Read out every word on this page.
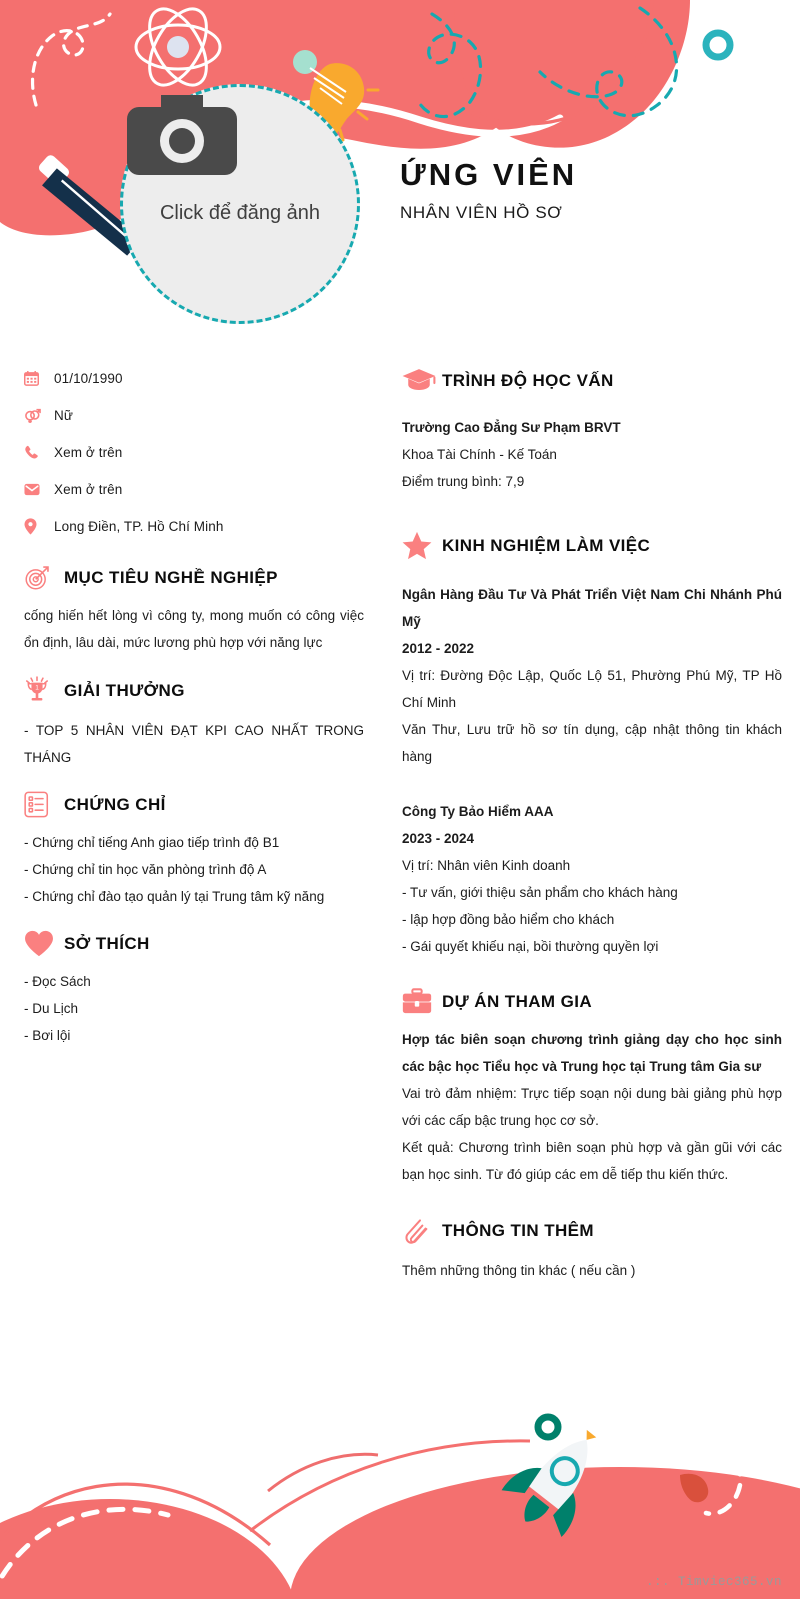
Click để đăng ảnh
ỨNG VIÊN
NHÂN VIÊN HỒ SƠ
01/10/1990
Nữ
Xem ở trên
Xem ở trên
Long Điền, TP. Hồ Chí Minh
MỤC TIÊU NGHỀ NGHIỆP
cống hiến hết lòng vì công ty, mong muốn có công việc ổn định, lâu dài, mức lương phù hợp với năng lực
1 GIẢI THƯỞNG
- TOP 5 NHÂN VIÊN ĐẠT KPI CAO NHẤT TRONG THÁNG
CHỨNG CHỈ
- Chứng chỉ tiếng Anh giao tiếp trình độ B1
- Chứng chỉ tin học văn phòng trình độ A
- Chứng chỉ đào tạo quản lý tại Trung tâm kỹ năng
SỞ THÍCH
- Đọc Sách
- Du Lịch
- Bơi lội
TRÌNH ĐỘ HỌC VẤN
Trường Cao Đẳng Sư Phạm BRVT
Khoa Tài Chính - Kế Toán
Điểm trung bình: 7,9
KINH NGHIỆM LÀM VIỆC
Ngân Hàng Đầu Tư Và Phát Triển Việt Nam Chi Nhánh Phú Mỹ
2012 - 2022
Vị trí: Đường Độc Lập, Quốc Lộ 51, Phường Phú Mỹ, TP Hồ Chí Minh
Văn Thư, Lưu trữ hồ sơ tín dụng, cập nhật thông tin khách hàng
Công Ty Bảo Hiểm AAA
2023 - 2024
Vị trí: Nhân viên Kinh doanh
- Tư vấn, giới thiệu sản phẩm cho khách hàng
- lập hợp đồng bảo hiểm cho khách
- Gái quyết khiếu nại, bồi thường quyền lợi
DỰ ÁN THAM GIA
Hợp tác biên soạn chương trình giảng dạy cho học sinh các bậc học Tiểu học và Trung học tại Trung tâm Gia sư
Vai trò đảm nhiệm: Trực tiếp soạn nội dung bài giảng phù hợp với các cấp bậc trung học cơ sở.
Kết quả: Chương trình biên soạn phù hợp và gần gũi với các bạn học sinh. Từ đó giúp các em dễ tiếp thu kiến thức.
THÔNG TIN THÊM
Thêm những thông tin khác ( nếu cần )
.:. Timviec365.vn
